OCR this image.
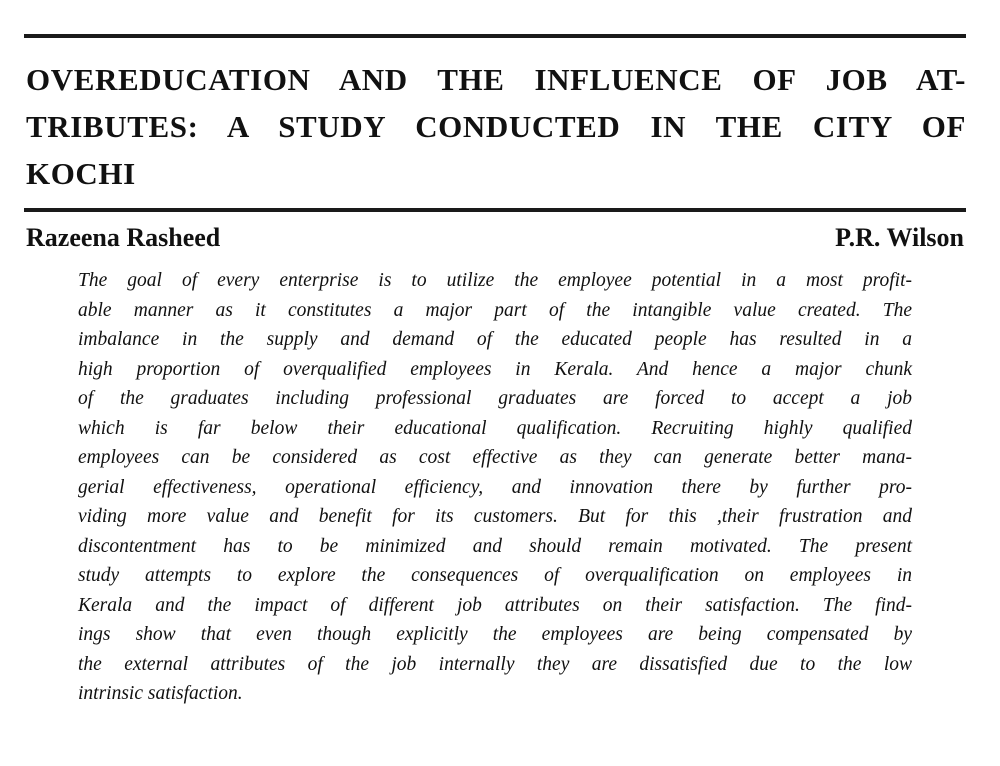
OVEREDUCATION AND THE INFLUENCE OF JOB AT-
TRIBUTES: A STUDY CONDUCTED IN THE CITY OF
KOCHI
Razeena Rasheed	P.R. Wilson
The goal of every enterprise is to utilize the employee potential in a most profit-
able manner as it constitutes a major part of the intangible value created. The
imbalance in the supply and demand of the educated people has resulted in a
high proportion of overqualified employees in Kerala. And hence a major chunk
of the graduates including professional graduates are forced to accept a job
which is far below their educational qualification. Recruiting highly qualified
employees can be considered as cost effective as they can generate better mana-
gerial effectiveness, operational efficiency, and innovation there by further pro-
viding more value and benefit for its customers. But for this ,their frustration and
discontentment has to be minimized and should remain motivated. The present
study attempts to explore the consequences of overqualification on employees in
Kerala and the impact of different job attributes on their satisfaction. The find-
ings show that even though explicitly the employees are being compensated by
the external attributes of the job internally they are dissatisfied due to the low
intrinsic satisfaction.
